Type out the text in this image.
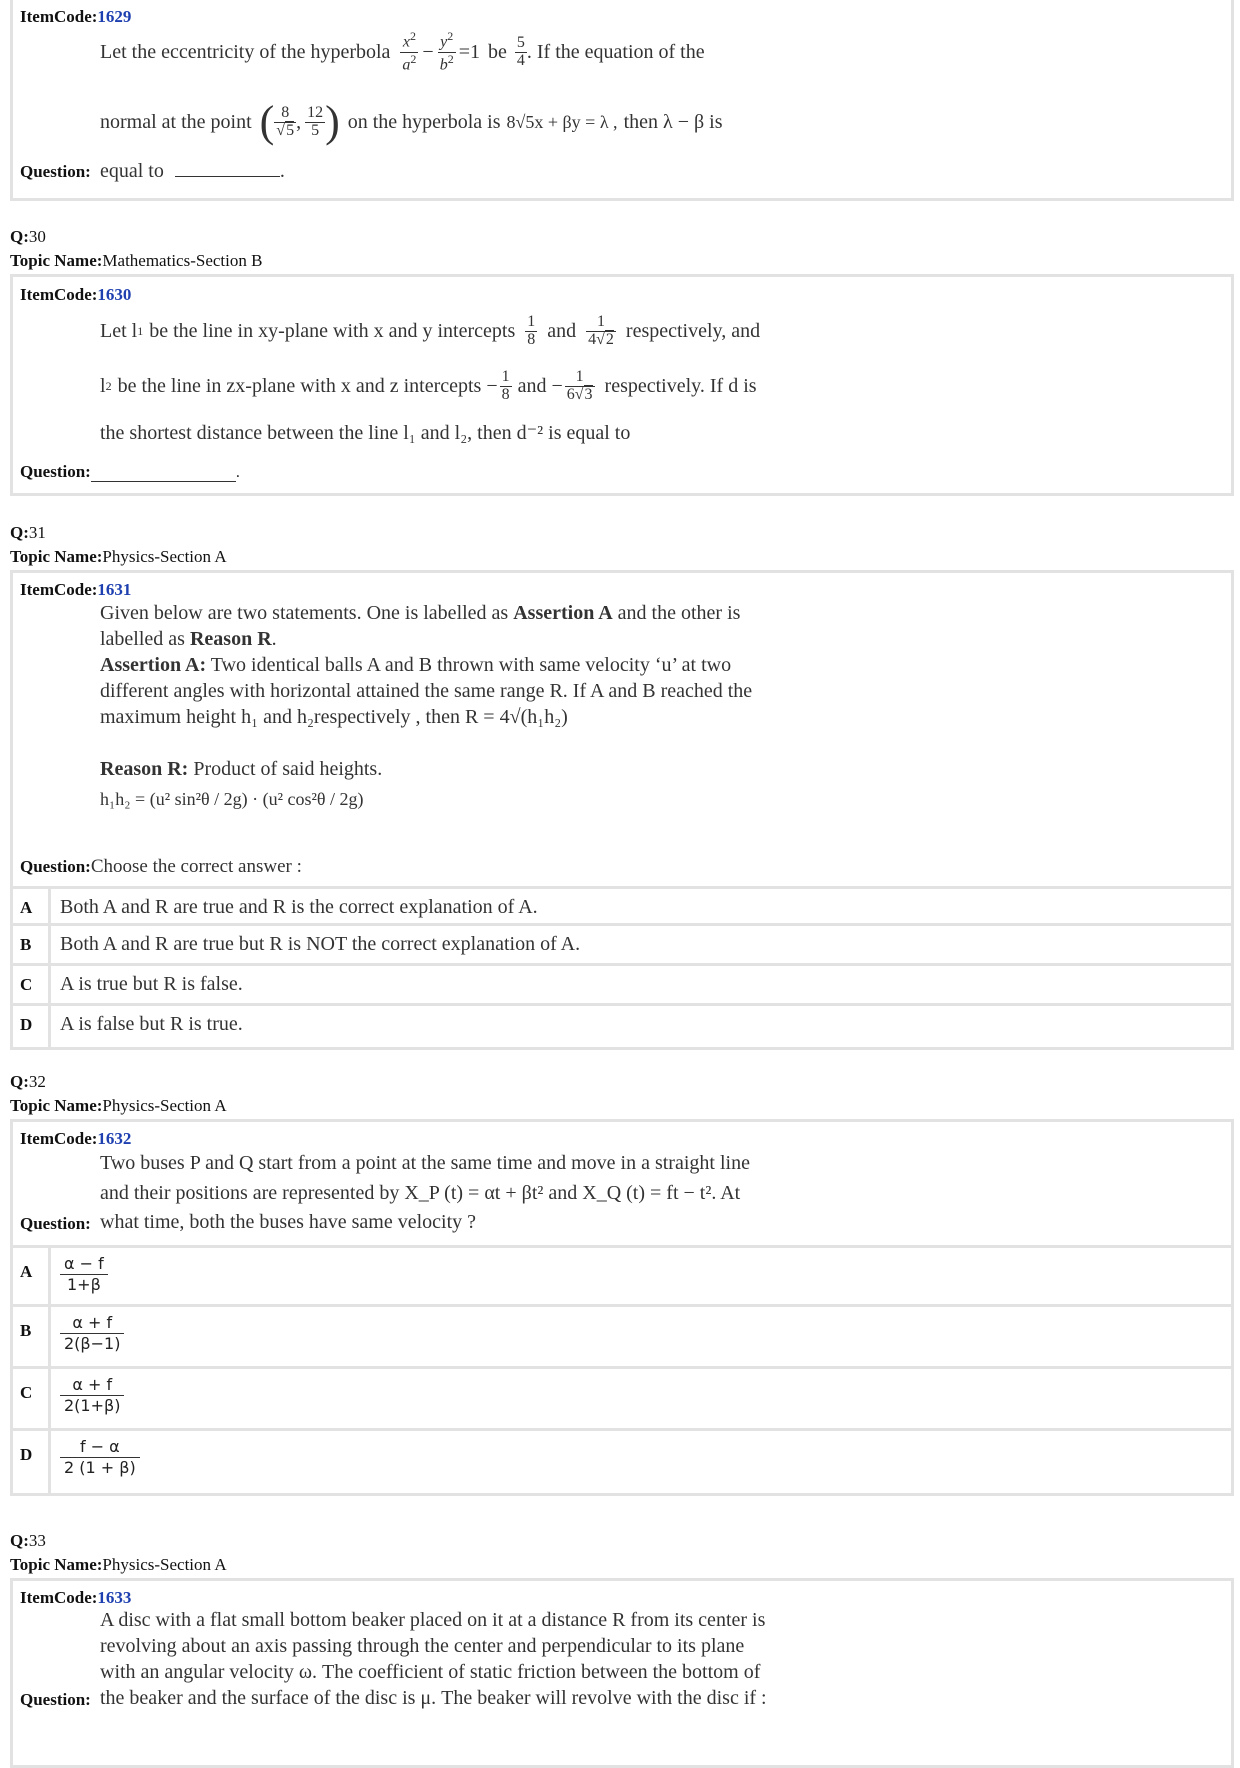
ItemCode:1629
Let the eccentricity of the hyperbola $\frac{x^2}{a^2} - \frac{y^2}{b^2} =1$ be $\frac{5}{4}$ . If the equation of the
normal at the point ( $\frac{8}{√5}$ , $\frac{12}{5}$ ) on the hyperbola is 8√5x + βy = λ , then λ − β is
Question: equal to	.
Q:30
Topic Name:Mathematics-Section B
ItemCode:1630
Let l 1 be the line in xy-plane with x and y intercepts $\frac{1}{8}$ and $\frac{1}{4√2}$ respectively, and
l 2 be the line in zx-plane with x and z intercepts − $\frac{1}{8}$ and − $\frac{1}{6√3}$ respectively. If d is
the shortest distance between the line l₁ and l₂, then d⁻² is equal to
Question:	.
Q:31
Topic Name:Physics-Section A
ItemCode:1631
Given below are two statements. One is labelled as Assertion A and the other is
labelled as Reason R.
Assertion A: Two identical balls A and B thrown with same velocity ‘u’ at two
different angles with horizontal attained the same range R. If A and B reached the
maximum height h₁ and h₂respectively , then R = 4√(h₁h₂)
Reason R: Product of said heights.
h₁h₂ = (u² sin²θ / 2g) · (u² cos²θ / 2g)
Question:Choose the correct answer :
A Both A and R are true and R is the correct explanation of A.
B Both A and R are true but R is NOT the correct explanation of A.
C A is true but R is false.
D A is false but R is true.
Q:32
Topic Name:Physics-Section A
ItemCode:1632
Two buses P and Q start from a point at the same time and move in a straight line
and their positions are represented by X_P (t) = αt + βt² and X_Q (t) = ft − t². At
Question: what time, both the buses have same velocity ?
A $\frac{\alpha - f}{1+\beta}$
B $\frac{\alpha + f}{2(\beta-1)}$
C $\frac{\alpha + f}{2(1+\beta)}$
D $\frac{f - \alpha}{2 (1 + \beta)}$
Q:33
Topic Name:Physics-Section A
ItemCode:1633
A disc with a flat small bottom beaker placed on it at a distance R from its center is
revolving about an axis passing through the center and perpendicular to its plane
with an angular velocity ω. The coefficient of static friction between the bottom of
Question: the beaker and the surface of the disc is μ. The beaker will revolve with the disc if :
